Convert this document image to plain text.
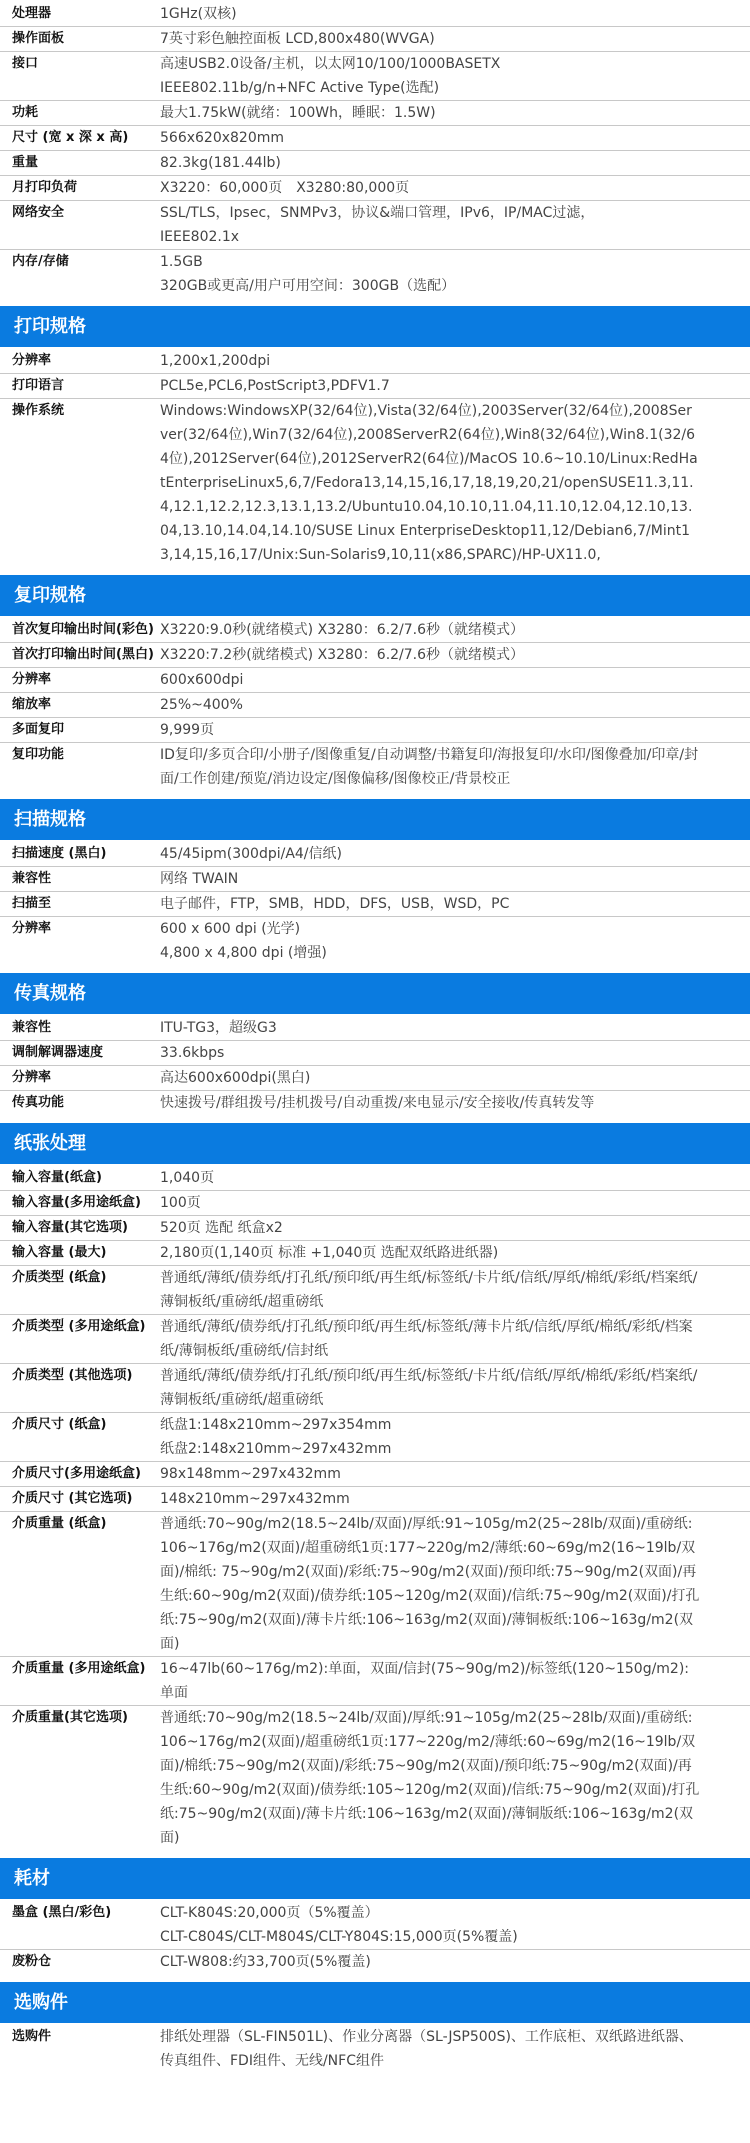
处理器	1GHz(双核)
操作面板	7英寸彩色触控面板 LCD,800x480(WVGA)
接口	高速USB2.0设备/主机，以太网10/100/1000BASETX
IEEE802.11b/g/n+NFC Active Type(选配)
功耗	最大1.75kW(就绪：100Wh，睡眠：1.5W)
尺寸 (宽 x 深 x 高)	566x620x820mm
重量	82.3kg(181.44lb)
月打印负荷	X3220：60,000页　X3280:80,000页
网络安全	SSL/TLS，Ipsec，SNMPv3，协议&端口管理，IPv6，IP/MAC过滤，
IEEE802.1x
内存/存储	1.5GB
320GB或更高/用户可用空间：300GB（选配）
打印规格
分辨率	1,200x1,200dpi
打印语言	PCL5e,PCL6,PostScript3,PDFV1.7
操作系统	Windows:WindowsXP(32/64位),Vista(32/64位),2003Server(32/64位),2008Server(32/64位),Win7(32/64位),2008ServerR2(64位),Win8(32/64位),Win8.1(32/64位),2012Server(64位),2012ServerR2(64位)/MacOS 10.6~10.10/Linux:RedHatEnterpriseLinux5,6,7/Fedora13,14,15,16,17,18,19,20,21/openSUSE11.3,11.4,12.1,12.2,12.3,13.1,13.2/Ubuntu10.04,10.10,11.04,11.10,12.04,12.10,13.04,13.10,14.04,14.10/SUSE Linux EnterpriseDesktop11,12/Debian6,7/Mint13,14,15,16,17/Unix:Sun-Solaris9,10,11(x86,SPARC)/HP-UX11.0,
复印规格
首次复印输出时间(彩色) X3220:9.0秒(就绪模式) X3280：6.2/7.6秒（就绪模式）
首次打印输出时间(黑白) X3220:7.2秒(就绪模式) X3280：6.2/7.6秒（就绪模式）
分辨率	600x600dpi
缩放率	25%~400%
多面复印	9,999页
复印功能	ID复印/多页合印/小册子/图像重复/自动调整/书籍复印/海报复印/水印/图像叠加/印章/封面/工作创建/预览/消边设定/图像偏移/图像校正/背景校正
扫描规格
扫描速度 (黑白)	45/45ipm(300dpi/A4/信纸)
兼容性	网络 TWAIN
扫描至	电子邮件，FTP，SMB，HDD，DFS，USB，WSD，PC
分辨率	600 x 600 dpi (光学)
4,800 x 4,800 dpi (增强)
传真规格
兼容性	ITU-TG3，超级G3
调制解调器速度	33.6kbps
分辨率	高达600x600dpi(黑白)
传真功能	快速拨号/群组拨号/挂机拨号/自动重拨/来电显示/安全接收/传真转发等
纸张处理
输入容量(纸盒)	1,040页
输入容量(多用途纸盒)	100页
输入容量(其它选项)	520页 选配 纸盒x2
输入容量 (最大)	2,180页(1,140页 标准 +1,040页 选配双纸路进纸器)
介质类型 (纸盒)	普通纸/薄纸/债券纸/打孔纸/预印纸/再生纸/标签纸/卡片纸/信纸/厚纸/棉纸/彩纸/档案纸/薄铜板纸/重磅纸/超重磅纸
介质类型 (多用途纸盒)	普通纸/薄纸/债券纸/打孔纸/预印纸/再生纸/标签纸/薄卡片纸/信纸/厚纸/棉纸/彩纸/档案纸/薄铜板纸/重磅纸/信封纸
介质类型 (其他选项)	普通纸/薄纸/债券纸/打孔纸/预印纸/再生纸/标签纸/卡片纸/信纸/厚纸/棉纸/彩纸/档案纸/薄铜板纸/重磅纸/超重磅纸
介质尺寸 (纸盒)	纸盘1:148x210mm~297x354mm
纸盘2:148x210mm~297x432mm
介质尺寸(多用途纸盒)	98x148mm~297x432mm
介质尺寸 (其它选项)	148x210mm~297x432mm
介质重量 (纸盒)	普通纸:70~90g/m2(18.5~24lb/双面)/厚纸:91~105g/m2(25~28lb/双面)/重磅纸:106~176g/m2(双面)/超重磅纸1页:177~220g/m2/薄纸:60~69g/m2(16~19lb/双面)/棉纸: 75~90g/m2(双面)/彩纸:75~90g/m2(双面)/预印纸:75~90g/m2(双面)/再生纸:60~90g/m2(双面)/债券纸:105~120g/m2(双面)/信纸:75~90g/m2(双面)/打孔纸:75~90g/m2(双面)/薄卡片纸:106~163g/m2(双面)/薄铜板纸:106~163g/m2(双面)
介质重量 (多用途纸盒)	16~47lb(60~176g/m2):单面，双面/信封(75~90g/m2)/标签纸(120~150g/m2):单面
介质重量(其它选项)	普通纸:70~90g/m2(18.5~24lb/双面)/厚纸:91~105g/m2(25~28lb/双面)/重磅纸:106~176g/m2(双面)/超重磅纸1页:177~220g/m2/薄纸:60~69g/m2(16~19lb/双面)/棉纸:75~90g/m2(双面)/彩纸:75~90g/m2(双面)/预印纸:75~90g/m2(双面)/再生纸:60~90g/m2(双面)/债券纸:105~120g/m2(双面)/信纸:75~90g/m2(双面)/打孔纸:75~90g/m2(双面)/薄卡片纸:106~163g/m2(双面)/薄铜版纸:106~163g/m2(双面)
耗材
墨盒 (黑白/彩色)	CLT-K804S:20,000页（5%覆盖）
CLT-C804S/CLT-M804S/CLT-Y804S:15,000页(5%覆盖)
废粉仓	CLT-W808:约33,700页(5%覆盖)
选购件
选购件	排纸处理器（SL-FIN501L)、作业分离器（SL-JSP500S)、工作底柜、双纸路进纸器、传真组件、FDI组件、无线/NFC组件
